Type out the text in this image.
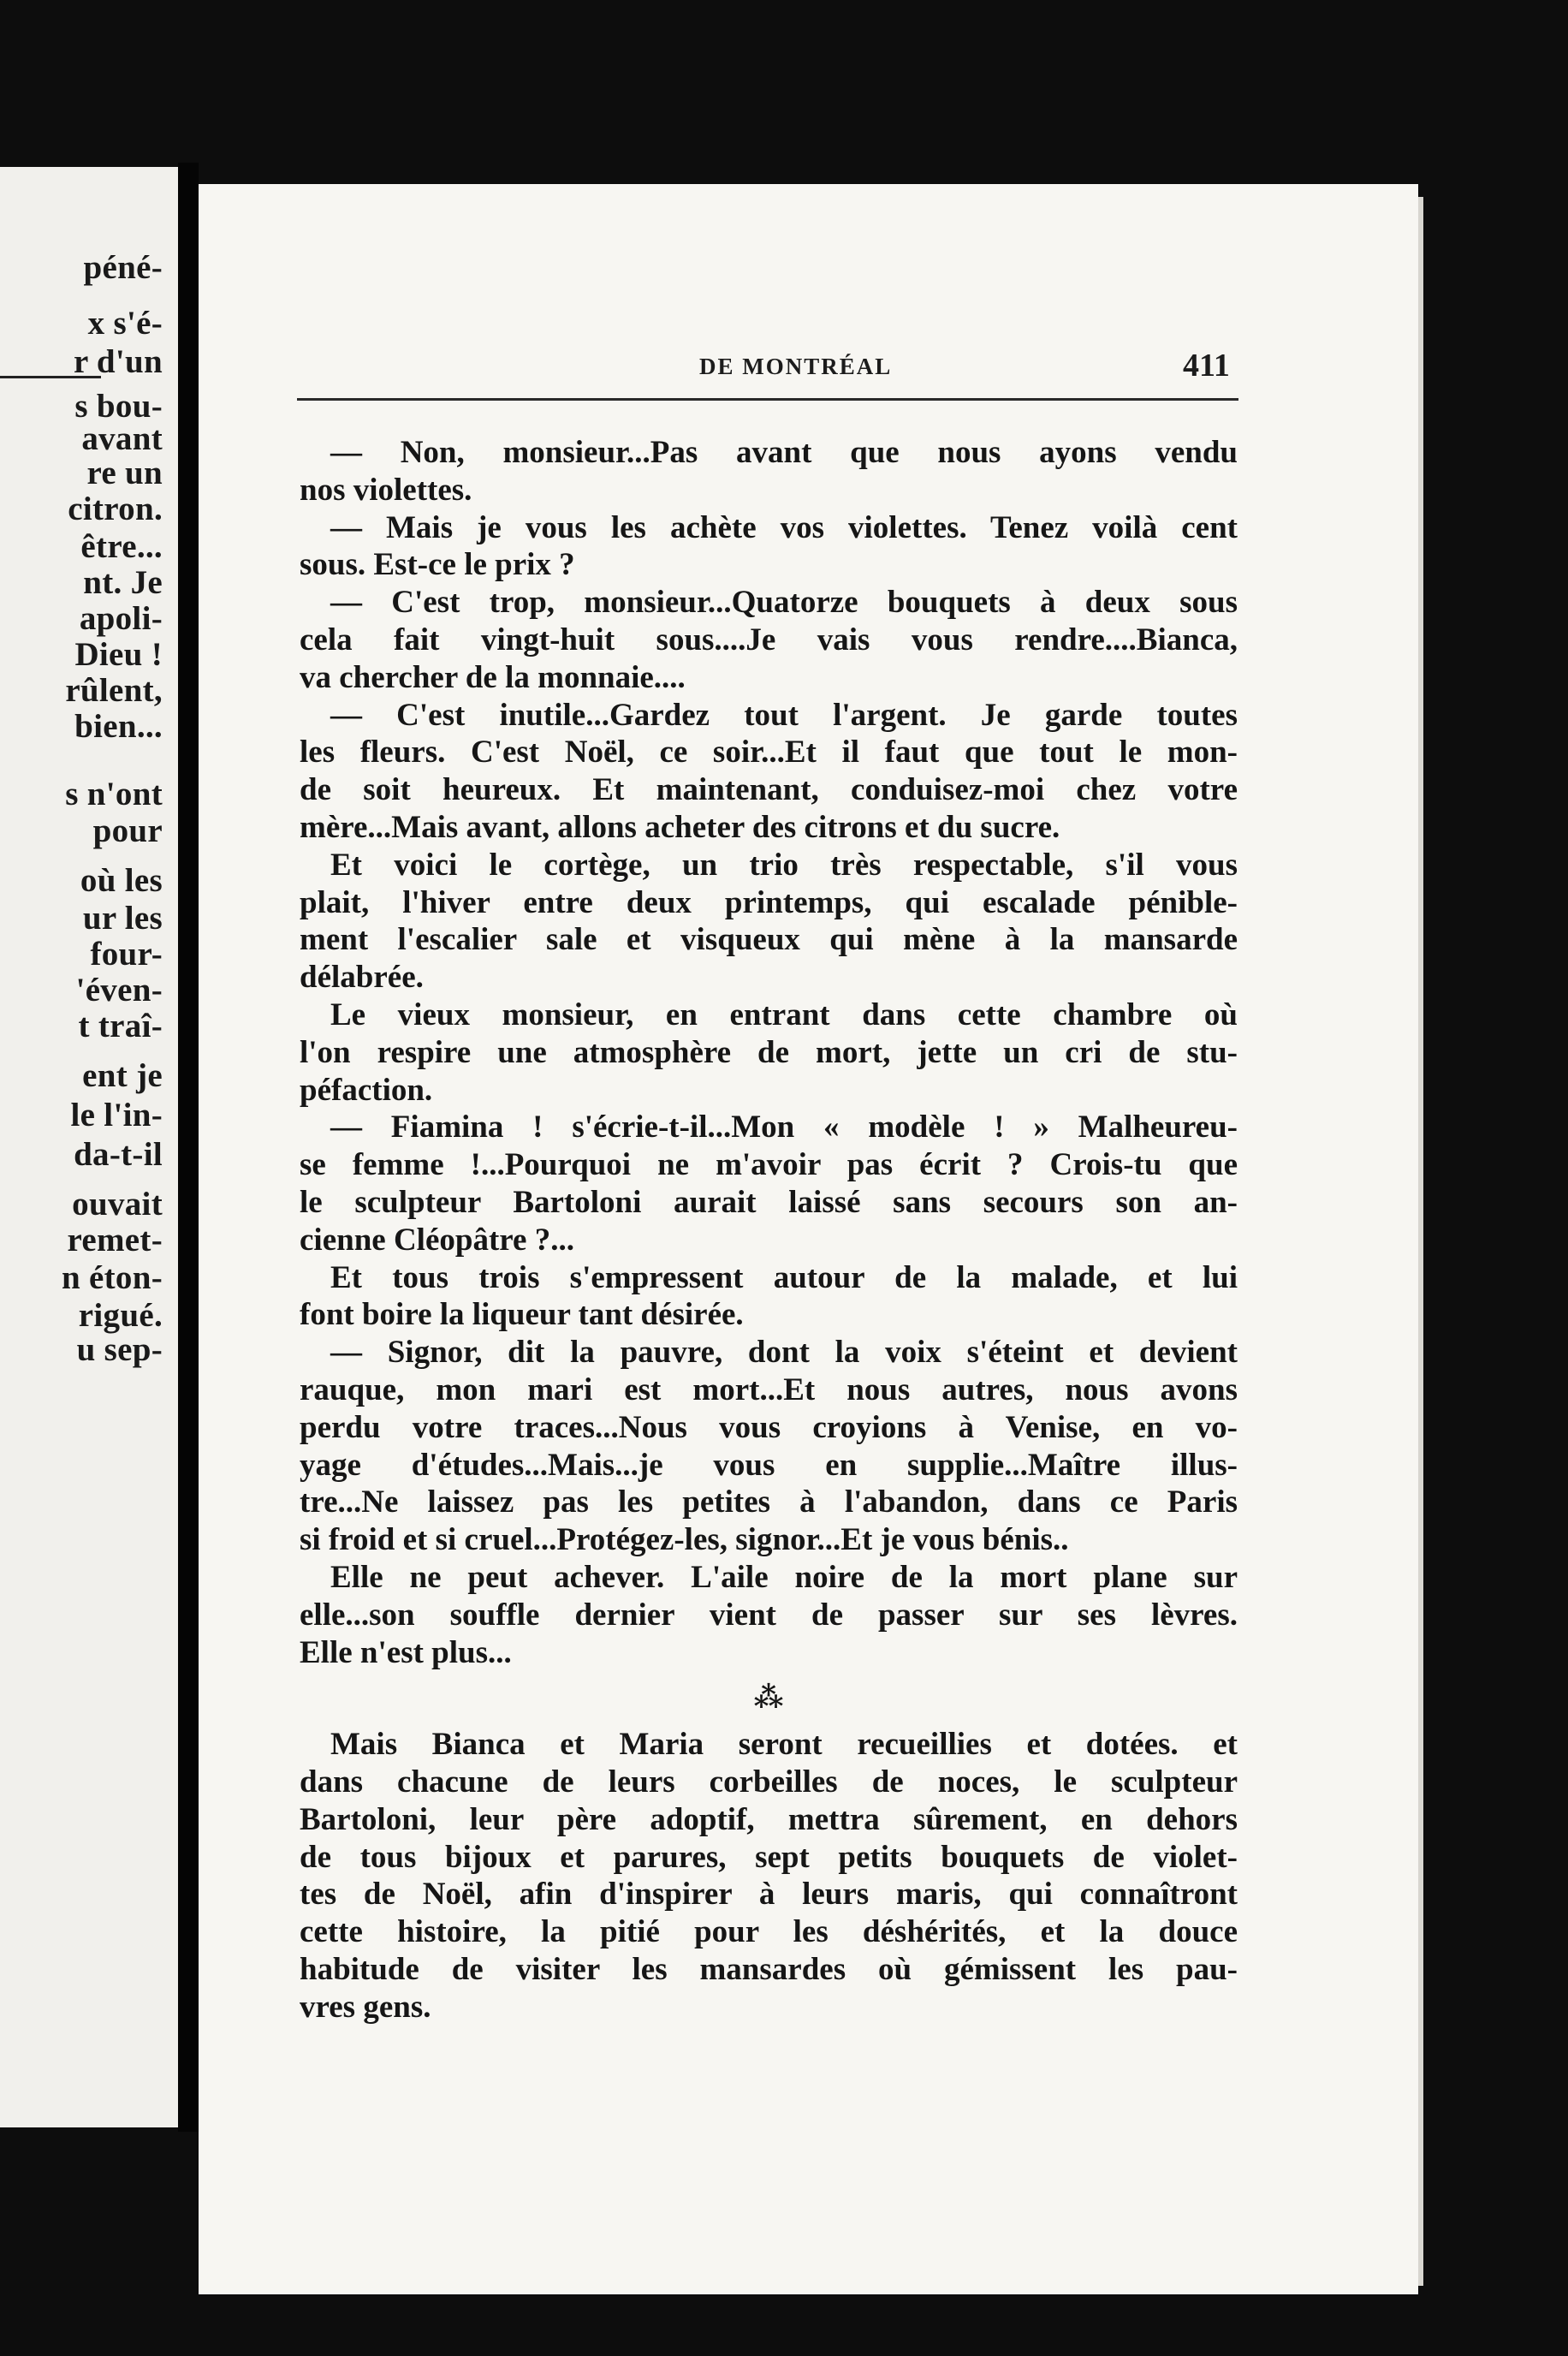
péné-
x s'é-
r d'un
s bou-
avant
re un
citron.
être...
nt. Je
apoli-
Dieu !
rûlent,
bien...
s n'ont
pour
où les
ur les
four-
'éven-
t traî-
ent je
le l'in-
da-t-il
ouvait
remet-
n éton-
rigué.
u sep-
DE MONTRÉAL	411
— Non, monsieur...Pas avant que nous ayons vendu
nos violettes.
— Mais je vous les achète vos violettes. Tenez voilà cent
sous. Est-ce le prix ?
— C'est trop, monsieur...Quatorze bouquets à deux sous
cela fait vingt-huit sous....Je vais vous rendre....Bianca,
va chercher de la monnaie....
— C'est inutile...Gardez tout l'argent. Je garde toutes
les fleurs. C'est Noël, ce soir...Et il faut que tout le mon-
de soit heureux. Et maintenant, conduisez-moi chez votre
mère...Mais avant, allons acheter des citrons et du sucre.
Et voici le cortège, un trio très respectable, s'il vous
plait, l'hiver entre deux printemps, qui escalade pénible-
ment l'escalier sale et visqueux qui mène à la mansarde
délabrée.
Le vieux monsieur, en entrant dans cette chambre où
l'on respire une atmosphère de mort, jette un cri de stu-
péfaction.
— Fiamina ! s'écrie-t-il...Mon « modèle ! » Malheureu-
se femme !...Pourquoi ne m'avoir pas écrit ? Crois-tu que
le sculpteur Bartoloni aurait laissé sans secours son an-
cienne Cléopâtre ?...
Et tous trois s'empressent autour de la malade, et lui
font boire la liqueur tant désirée.
— Signor, dit la pauvre, dont la voix s'éteint et devient
rauque, mon mari est mort...Et nous autres, nous avons
perdu votre traces...Nous vous croyions à Venise, en vo-
yage d'études...Mais...je vous en supplie...Maître illus-
tre...Ne laissez pas les petites à l'abandon, dans ce Paris
si froid et si cruel...Protégez-les, signor...Et je vous bénis..
Elle ne peut achever. L'aile noire de la mort plane sur
elle...son souffle dernier vient de passer sur ses lèvres.
Elle n'est plus...
⁂
Mais Bianca et Maria seront recueillies et dotées. et
dans chacune de leurs corbeilles de noces, le sculpteur
Bartoloni, leur père adoptif, mettra sûrement, en dehors
de tous bijoux et parures, sept petits bouquets de violet-
tes de Noël, afin d'inspirer à leurs maris, qui connaîtront
cette histoire, la pitié pour les déshérités, et la douce
habitude de visiter les mansardes où gémissent les pau-
vres gens.
